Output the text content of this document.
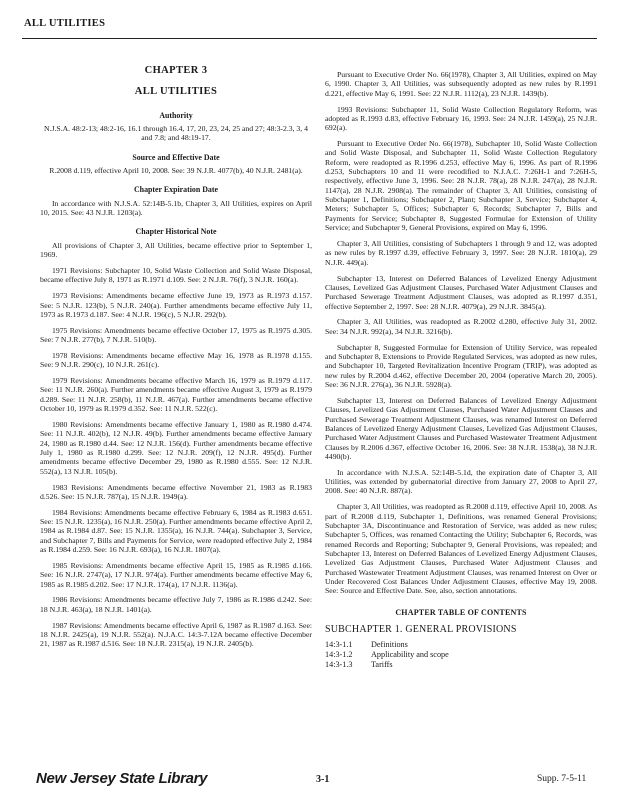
ALL UTILITIES
CHAPTER 3
ALL UTILITIES
Authority

N.J.S.A. 48:2-13; 48:2-16, 16.1 through 16.4, 17, 20, 23, 24, 25 and 27; 48:3-2.3, 3, 4 and 7.8; and 48:19-17.

Source and Effective Date

R.2008 d.119, effective April 10, 2008. See: 39 N.J.R. 4077(b), 40 N.J.R. 2481(a).

Chapter Expiration Date

In accordance with N.J.S.A. 52:14B-5.1b, Chapter 3, All Utilities, expires on April 10, 2015. See: 43 N.J.R. 1203(a).

Chapter Historical Note

All provisions of Chapter 3, All Utilities, became effective prior to September 1, 1969.

1971 Revisions: Subchapter 10, Solid Waste Collection and Solid Waste Disposal, became effective July 8, 1971 as R.1971 d.109. See: 2 N.J.R. 76(f), 3 N.J.R. 160(a).

1973 Revisions: Amendments became effective June 19, 1973 as R.1973 d.157. See: 5 N.J.R. 123(b), 5 N.J.R. 240(a). Further amendments became effective July 11, 1973 as R.1973 d.187. See: 4 N.J.R. 196(c), 5 N.J.R. 292(b).

1975 Revisions: Amendments became effective October 17, 1975 as R.1975 d.305. See: 7 N.J.R. 277(b), 7 N.J.R. 510(b).

1978 Revisions: Amendments became effective May 16, 1978 as R.1978 d.155. See: 9 N.J.R. 290(c), 10 N.J.R. 261(c).

1979 Revisions: Amendments became effective March 16, 1979 as R.1979 d.117. See: 11 N.J.R. 260(a). Further amendments became effective August 3, 1979 as R.1979 d.289. See: 11 N.J.R. 258(b), 11 N.J.R. 467(a). Further amendments became effective October 10, 1979 as R.1979 d.352. See: 11 N.J.R. 522(c).

1980 Revisions: Amendments became effective January 1, 1980 as R.1980 d.474. See: 11 N.J.R. 402(b), 12 N.J.R. 49(b). Further amendments became effective January 24, 1980 as R.1980 d.44. See: 12 N.J.R. 156(d). Further amendments became effective July 1, 1980 as R.1980 d.299. See: 12 N.J.R. 209(f), 12 N.J.R. 495(d). Further amendments became effective December 29, 1980 as R.1980 d.555. See: 12 N.J.R. 552(a), 13 N.J.R. 105(b).

1983 Revisions: Amendments became effective November 21, 1983 as R.1983 d.526. See: 15 N.J.R. 787(a), 15 N.J.R. 1949(a).

1984 Revisions: Amendments became effective February 6, 1984 as R.1983 d.651. See: 15 N.J.R. 1235(a), 16 N.J.R. 250(a). Further amendments became effective April 2, 1984 as R.1984 d.87. See: 15 N.J.R. 1355(a), 16 N.J.R. 744(a). Subchapter 3, Service, and Subchapter 7, Bills and Payments for Service, were readopted effective July 2, 1984 as R.1984 d.259. See: 16 N.J.R. 693(a), 16 N.J.R. 1807(a).

1985 Revisions: Amendments became effective April 15, 1985 as R.1985 d.166. See: 16 N.J.R. 2747(a), 17 N.J.R. 974(a). Further amendments became effective May 6, 1985 as R.1985 d.202. See: 17 N.J.R. 174(a), 17 N.J.R. 1136(a).

1986 Revisions: Amendments became effective July 7, 1986 as R.1986 d.242. See: 18 N.J.R. 463(a), 18 N.J.R. 1401(a).

1987 Revisions: Amendments became effective April 6, 1987 as R.1987 d.163. See: 18 N.J.R. 2425(a), 19 N.J.R. 552(a). N.J.A.C. 14:3-7.12A became effective December 21, 1987 as R.1987 d.516. See: 18 N.J.R. 2315(a), 19 N.J.R. 2405(b).

Pursuant to Executive Order No. 66(1978), Chapter 3, All Utilities, expired on May 6, 1990. Chapter 3, All Utilities, was subsequently adopted as new rules by R.1991 d.221, effective May 6, 1991. See: 22 N.J.R. 1112(a), 23 N.J.R. 1439(b).

1993 Revisions: Subchapter 11, Solid Waste Collection Regulatory Reform, was adopted as R.1993 d.83, effective February 16, 1993. See: 24 N.J.R. 1459(a), 25 N.J.R. 692(a).

Pursuant to Executive Order No. 66(1978), Subchapter 10, Solid Waste Collection and Solid Waste Disposal, and Subchapter 11, Solid Waste Collection Regulatory Reform, were readopted as R.1996 d.253, effective May 6, 1996. As part of R.1996 d.253, Subchapters 10 and 11 were recodified to N.J.A.C. 7:26H-1 and 7:26H-5, respectively, effective June 3, 1996. See: 28 N.J.R. 78(a), 28 N.J.R. 247(a), 28 N.J.R. 1147(a), 28 N.J.R. 2908(a). The remainder of Chapter 3, All Utilities, consisting of Subchapter 1, Definitions; Subchapter 2, Plant; Subchapter 3, Service; Subchapter 4, Meters; Subchapter 5, Offices; Subchapter 6, Records; Subchapter 7, Bills and Payments for Service; Subchapter 8, Suggested Formulae for Extension of Utility Service; and Subchapter 9, General Provisions, expired on May 6, 1996.

Chapter 3, All Utilities, consisting of Subchapters 1 through 9 and 12, was adopted as new rules by R.1997 d.39, effective February 3, 1997. See: 28 N.J.R. 1810(a), 29 N.J.R. 449(a).

Subchapter 13, Interest on Deferred Balances of Levelized Energy Adjustment Clauses, Levelized Gas Adjustment Clauses, Purchased Water Adjustment Clauses and Purchased Sewerage Treatment Adjustment Clauses, was adopted as R.1997 d.351, effective September 2, 1997. See: 28 N.J.R. 4079(a), 29 N.J.R. 3845(a).

Chapter 3, All Utilities, was readopted as R.2002 d.280, effective July 31, 2002. See: 34 N.J.R. 992(a), 34 N.J.R. 3216(b).

Subchapter 8, Suggested Formulae for Extension of Utility Service, was repealed and Subchapter 8, Extensions to Provide Regulated Services, was adopted as new rules, and Subchapter 10, Targeted Revitalization Incentive Program (TRIP), was adopted as new rules by R.2004 d.462, effective December 20, 2004 (operative March 20, 2005). See: 36 N.J.R. 276(a), 36 N.J.R. 5928(a).

Subchapter 13, Interest on Deferred Balances of Levelized Energy Adjustment Clauses, Levelized Gas Adjustment Clauses, Purchased Water Adjustment Clauses and Purchased Sewerage Treatment Adjustment Clauses, was renamed Interest on Deferred Balances of Levelized Energy Adjustment Clauses, Levelized Gas Adjustment Clauses, Purchased Water Adjustment Clauses and Purchased Wastewater Treatment Adjustment Clauses by R.2006 d.367, effective October 16, 2006. See: 38 N.J.R. 1538(a), 38 N.J.R. 4490(b).

In accordance with N.J.S.A. 52:14B-5.1d, the expiration date of Chapter 3, All Utilities, was extended by gubernatorial directive from January 27, 2008 to April 27, 2008. See: 40 N.J.R. 887(a).

Chapter 3, All Utilities, was readopted as R.2008 d.119, effective April 10, 2008. As part of R.2008 d.119, Subchapter 1, Definitions, was renamed General Provisions; Subchapter 3A, Discontinuance and Restoration of Service, was added as new rules; Subchapter 5, Offices, was renamed Contacting the Utility; Subchapter 6, Records, was renamed Records and Reporting; Subchapter 9, General Provisions, was repealed; and Subchapter 13, Interest on Deferred Balances of Levelized Energy Adjustment Clauses, Levelized Gas Adjustment Clauses, Purchased Water Adjustment Clauses and Purchased Wastewater Treatment Adjustment Clauses, was renamed Interest on Over or Under Recovered Cost Balances Under Adjustment Clauses, effective May 19, 2008. See: Source and Effective Date. See, also, section annotations.

CHAPTER TABLE OF CONTENTS
SUBCHAPTER 1. GENERAL PROVISIONS
14:3-1.1	Definitions
14:3-1.2	Applicability and scope
14:3-1.3	Tariffs
New Jersey State Library	3-1	Supp. 7-5-11
